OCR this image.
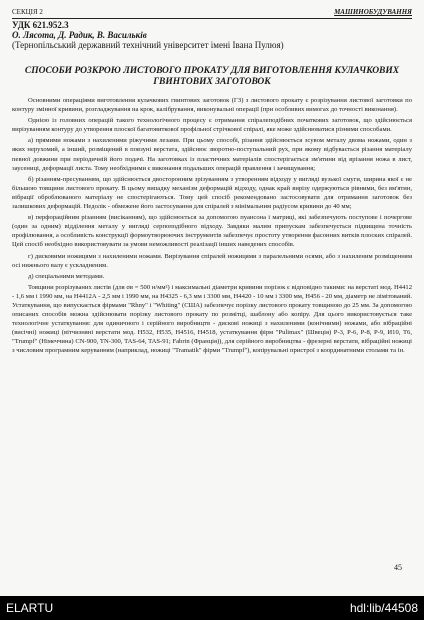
СЕКЦІЯ 2	МАШИНОБУДУВАННЯ
УДК 621.952.3
О. Лясота, Д. Радик, В. Васильків
(Тернопільський державний технічний університет імені Івана Пулюя)
СПОСОБИ РОЗКРОЮ ЛИСТОВОГО ПРОКАТУ ДЛЯ ВИГОТОВЛЕННЯ КУЛАЧКОВИХ ГВИНТОВИХ ЗАГОТОВОК

Основними операціями виготовлення кулачкових гвинтових заготовок (ГЗ) з листового прокату є розрізування листової заготовки по контуру змінної кривини, розгладжування на крок, калібрування, виконувальні операції (при особливих вимогах до точності виконання).

Однією із головних операцій такого технологічного процесу є отримання спіралеподібних початкових заготовок, що здійснюється вирізуванням контуру до утворення плоскої багатовиткової профільної стрічкової спіралі, яке може здійснюватися різними способами.

а) прямими ножами з нахиленими ріжучими лезами. При цьому способі, різання здійснюється зсувом металу двома ножами, один з яких нерухомий, а інший, розміщений в повзуні верстата, здійснює зворотно-поступальний рух, при якому відбувається різання матеріалу певної довжини при періодичній його подачі. На заготовках із пластичних матеріалів спостерігається зм'ятини від врізання ножа в лист, заусениці, деформації листа. Тому необхідними є виконання подальших операцій правлення і зачищування;

б) різанням-пресуванням, що здійснюється двосторонним зрізуванням з утворенням відходу у вигляді вузької смуги, ширина якої є не більшою товщини листового прокату. В цьому випадку механізм деформацій відходу, однак край вирізу одержуються рівними, без вм'ятин, вібрації оброблюваного матеріалу не спостерігаються. Тому цей спосіб рекомендовано застосовувати для отримання заготовок без залишкових деформацій. Недолік - обмежене його застосування для спіралей з мінімальним радіусом кривини до 40 мм;

в) перфораційним різанням (висіканням), що здійснюється за допомогою пуансона і матриці, які забезпечують поступове і почергове (один за одним) відділення металу у вигляді серпоподібного відходу. Завдяки малим припускам забезпечується підвищена точність профілювання, а особливість конструкції формоутворюючих інструментів забезпечує простоту утворення фасонних витків плоских спіралей. Цей спосіб необхідно використовувати за умови неможливості реалізації інших наведених способів.

г) дисковими ножицями з нахиленими ножами. Вирізування спіралей ножицями з паралельними осями, або з нахиленим розміщенням осі нижнього валу є ускладненим.

д) спеціальними методами.

Товщини розрізуваних листів (для σв = 500 н/мм²) і максимальні діаметри кривини порізок є відповідно такими: на верстаті мод. Н4412 - 1,6 мм і 1990 мм, на Н4412А - 2,5 мм і 1990 мм, на Н4325 - 6,3 мм і 3300 мм, Н4420 - 10 мм і 3300 мм, Н456 - 20 мм, діаметр не лімітований. Устаткування, що випускається фірмами "Rhny" і "Whiting" (США) забезпечує порізку листового прокату товщиною до 25 мм. За допомогою описаних способів можна здійснювати порізку листового прокату по розмітці, шаблону або копіру. Для цього використовується таке технологічне устаткування: для одиничного і серійного виробництв - дискові ножиці з нахиленими (конічними) ножами, або вібраційні (висічні) ножиці (вітчизняні верстати мод. Н532, Н535, Н4516, Н4518, устаткування фірм "Pulimax" (Швеція) Р-3, Р-6, Р-8, Р-9, И10, Т6, "Trumpf" (Німеччина) CN-900, TN-300, TAS-64, TAS-91; Fabrin (Франція)), для серійного виробництва - фрезерні верстати, вібраційні ножиці з числовим програмним керуванням (наприклад, ножиці "Tramatik" фірми "Trumpf"), копірувальні пристрої з координатними столами та ін.

45
ELARTU	hdl:lib/44508
